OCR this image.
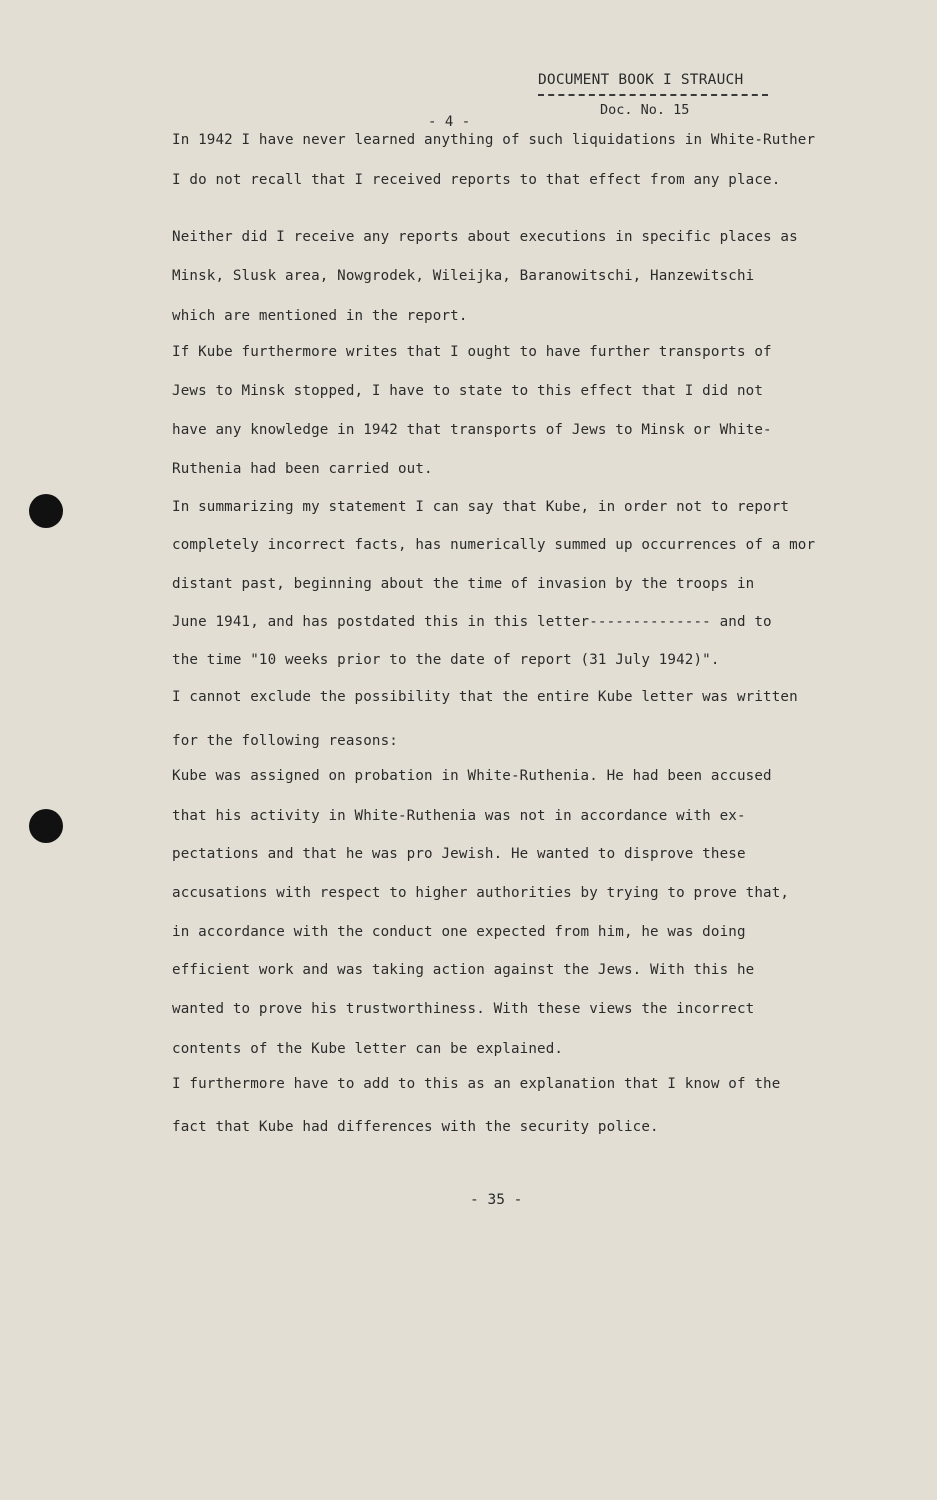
DOCUMENT BOOK I STRAUCH
Doc. No. 15
- 4 -
In 1942 I have never learned anything of such liquidations in White-Ruther
I do not recall that I received reports to that effect from any place.
Neither did I receive any reports about executions in specific places as
Minsk, Slusk area, Nowgrodek, Wileijka, Baranowitschi, Hanzewitschi
which are mentioned in the report.
If Kube furthermore writes that I ought to have further transports of
Jews to Minsk stopped, I have to state to this effect that I did not
have any knowledge in 1942 that transports of Jews to Minsk or White-
Ruthenia had been carried out.
In summarizing my statement I can say that Kube, in order not to report
completely incorrect facts, has numerically summed up occurrences of a mor
distant past, beginning about the time of invasion by the troops in
June 1941, and has postdated this in this letter-------------- and to
the time "10 weeks prior to the date of report (31 July 1942)".
I cannot exclude the possibility that the entire Kube letter was written
for the following reasons:
Kube was assigned on probation in White-Ruthenia. He had been accused
that his activity in White-Ruthenia was not in accordance with ex-
pectations and that he was pro Jewish. He wanted to disprove these
accusations with respect to higher authorities by trying to prove that,
in accordance with the conduct one expected from him, he was doing
efficient work and was taking action against the Jews. With this he
wanted to prove his trustworthiness. With these views the incorrect
contents of the Kube letter can be explained.
I furthermore have to add to this as an explanation that I know of the
fact that Kube had differences with the security police.
- 35 -
